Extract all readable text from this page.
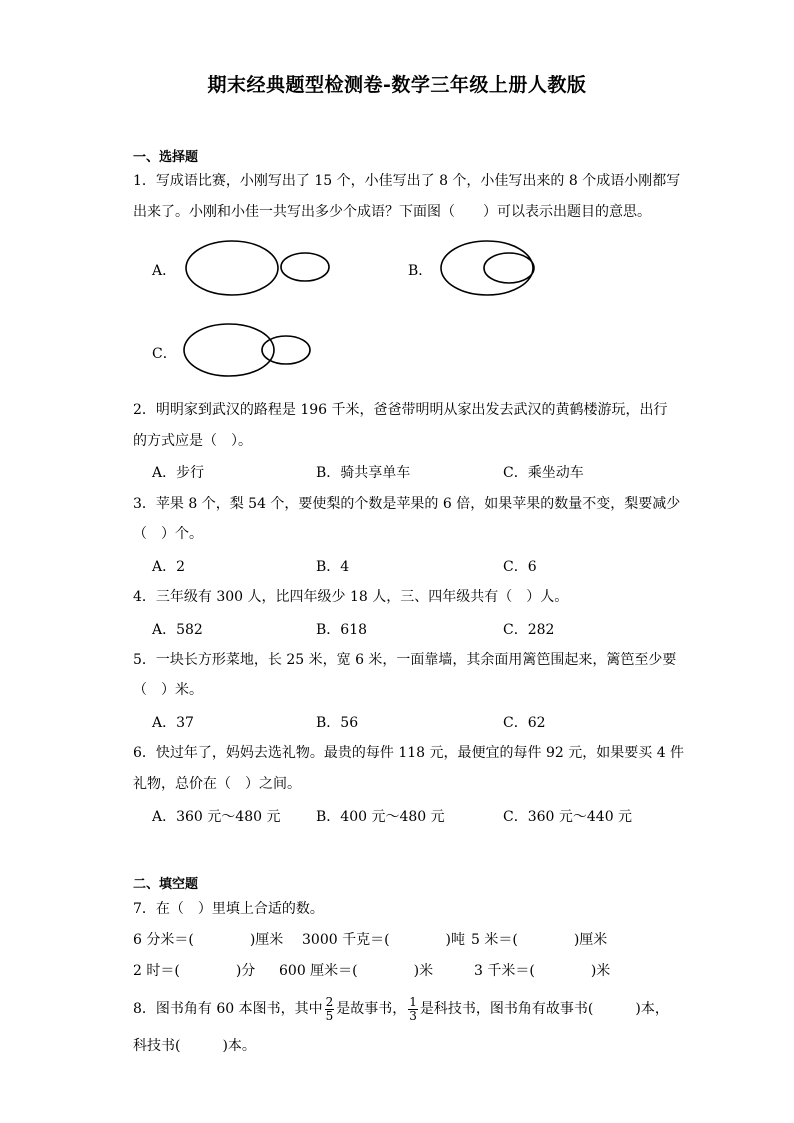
期末经典题型检测卷-数学三年级上册人教版
一、选择题
1．写成语比赛，小刚写出了 15 个，小佳写出了 8 个，小佳写出来的 8 个成语小刚都写
出来了。小刚和小佳一共写出多少个成语？下面图（　　）可以表示出题目的意思。
A．	B．
C．
2．明明家到武汉的路程是 196 千米，爸爸带明明从家出发去武汉的黄鹤楼游玩，出行
的方式应是（　）。
A．步行	B．骑共享单车	C．乘坐动车
3．苹果 8 个，梨 54 个，要使梨的个数是苹果的 6 倍，如果苹果的数量不变，梨要减少
（　）个。
A．2	B．4	C．6
4．三年级有 300 人，比四年级少 18 人，三、四年级共有（　）人。
A．582	B．618	C．282
5．一块长方形菜地，长 25 米，宽 6 米，一面靠墙，其余面用篱笆围起来，篱笆至少要
（　）米。
A．37	B．56	C．62
6．快过年了，妈妈去选礼物。最贵的每件 118 元，最便宜的每件 92 元，如果要买 4 件
礼物，总价在（　）之间。
A．360 元～480 元	B．400 元～480 元	C．360 元～440 元
二、填空题
7．在（　）里填上合适的数。
6 分米＝(　　　　)厘米 3000 千克＝(　　　　)吨 5 米＝(　　　　)厘米
2 时＝(　　　　)分 600 厘米＝(　　　　)米	3 千米＝(　　　　)米
8．图书角有 60 本图书，其中 $\frac{2}{5}$ 是故事书， $\frac{1}{3}$ 是科技书，图书角有故事书(　　　)本，
科技书(　　　)本。
